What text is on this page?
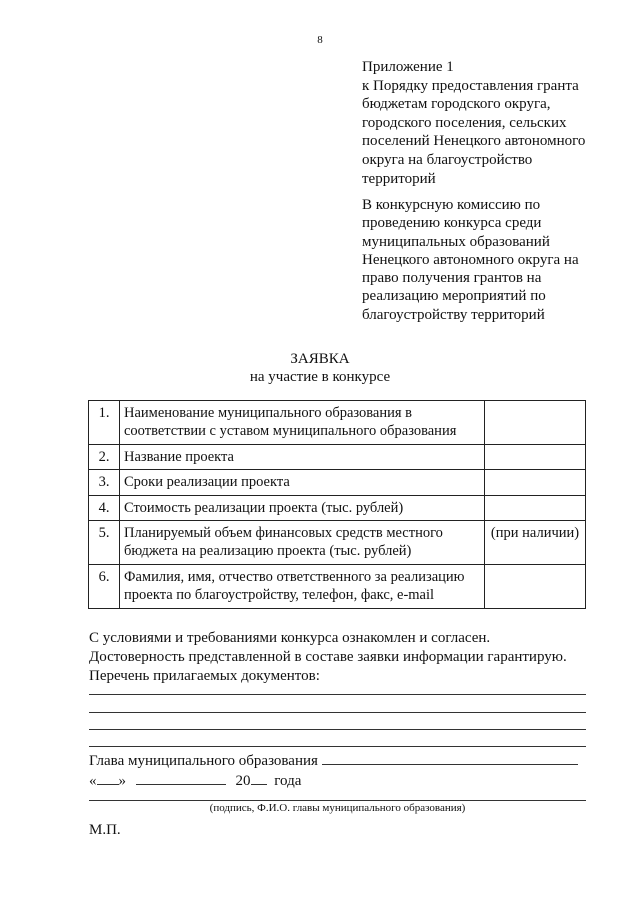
8
Приложение 1
к Порядку предоставления гранта
бюджетам городского округа,
городского поселения, сельских
поселений Ненецкого автономного
округа на благоустройство
территорий
В конкурсную комиссию по
проведению конкурса среди
муниципальных образований
Ненецкого автономного округа на
право получения грантов на
реализацию мероприятий по
благоустройству территорий
ЗАЯВКА
на участие в конкурсе
1.	Наименование муниципального образования в
соответствии с уставом муниципального образования	

2.	Название проекта	

3.	Сроки реализации проекта	

4.	Стоимость реализации проекта (тыс. рублей)	

5.	Планируемый объем финансовых средств местного
бюджета на реализацию проекта (тыс. рублей)	(при наличии)
6.	Фамилия, имя, отчество ответственного за реализацию
проекта по благоустройству, телефон, факс, e-mail	

С условиями и требованиями конкурса ознакомлен и согласен.
Достоверность представленной в составе заявки информации гарантирую.
Перечень прилагаемых документов:
Глава муниципального образования
« »	20 года
(подпись, Ф.И.О. главы муниципального образования)
М.П.
